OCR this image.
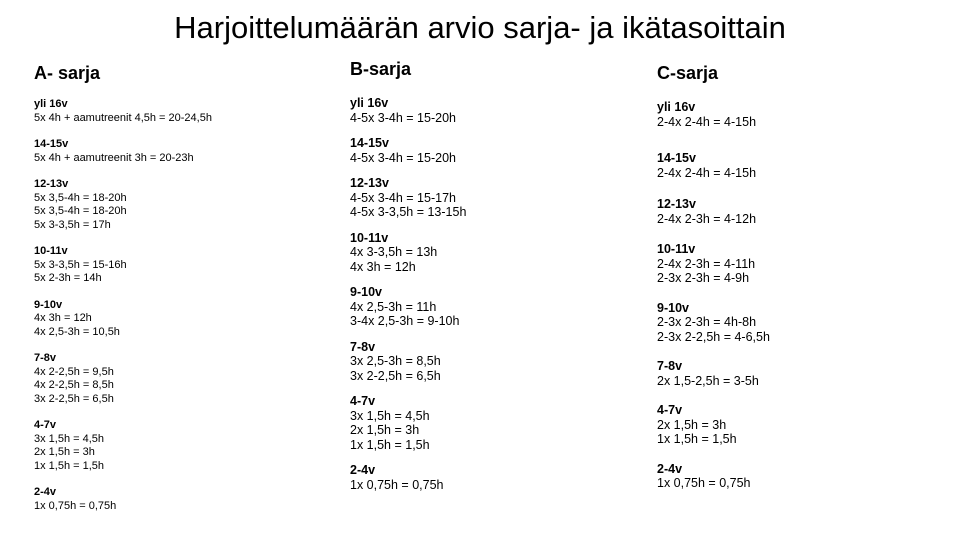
Harjoittelumäärän arvio sarja- ja ikätasoittain
A- sarja
yli 16v
5x 4h + aamutreenit 4,5h = 20-24,5h
14-15v
5x 4h + aamutreenit 3h = 20-23h
12-13v
5x 3,5-4h = 18-20h
5x 3,5-4h = 18-20h
5x 3-3,5h = 17h
10-11v
5x 3-3,5h = 15-16h
5x 2-3h = 14h
9-10v
4x 3h = 12h
4x 2,5-3h = 10,5h
7-8v
4x 2-2,5h = 9,5h
4x 2-2,5h = 8,5h
3x 2-2,5h = 6,5h
4-7v
3x 1,5h = 4,5h
2x 1,5h = 3h
1x 1,5h = 1,5h
2-4v
1x 0,75h = 0,75h
B-sarja
yli 16v
4-5x 3-4h = 15-20h
14-15v
4-5x 3-4h = 15-20h
12-13v
4-5x 3-4h = 15-17h
4-5x 3-3,5h = 13-15h
10-11v
4x 3-3,5h = 13h
4x 3h = 12h
9-10v
4x 2,5-3h = 11h
3-4x 2,5-3h = 9-10h
7-8v
3x 2,5-3h = 8,5h
3x 2-2,5h = 6,5h
4-7v
3x 1,5h = 4,5h
2x 1,5h = 3h
1x 1,5h = 1,5h
2-4v
1x 0,75h = 0,75h
C-sarja
yli 16v
2-4x 2-4h = 4-15h
14-15v
2-4x 2-4h = 4-15h
12-13v
2-4x 2-3h = 4-12h
10-11v
2-4x 2-3h = 4-11h
2-3x 2-3h = 4-9h
9-10v
2-3x 2-3h = 4h-8h
2-3x 2-2,5h = 4-6,5h
7-8v
2x 1,5-2,5h = 3-5h
4-7v
2x 1,5h = 3h
1x 1,5h = 1,5h
2-4v
1x 0,75h = 0,75h
